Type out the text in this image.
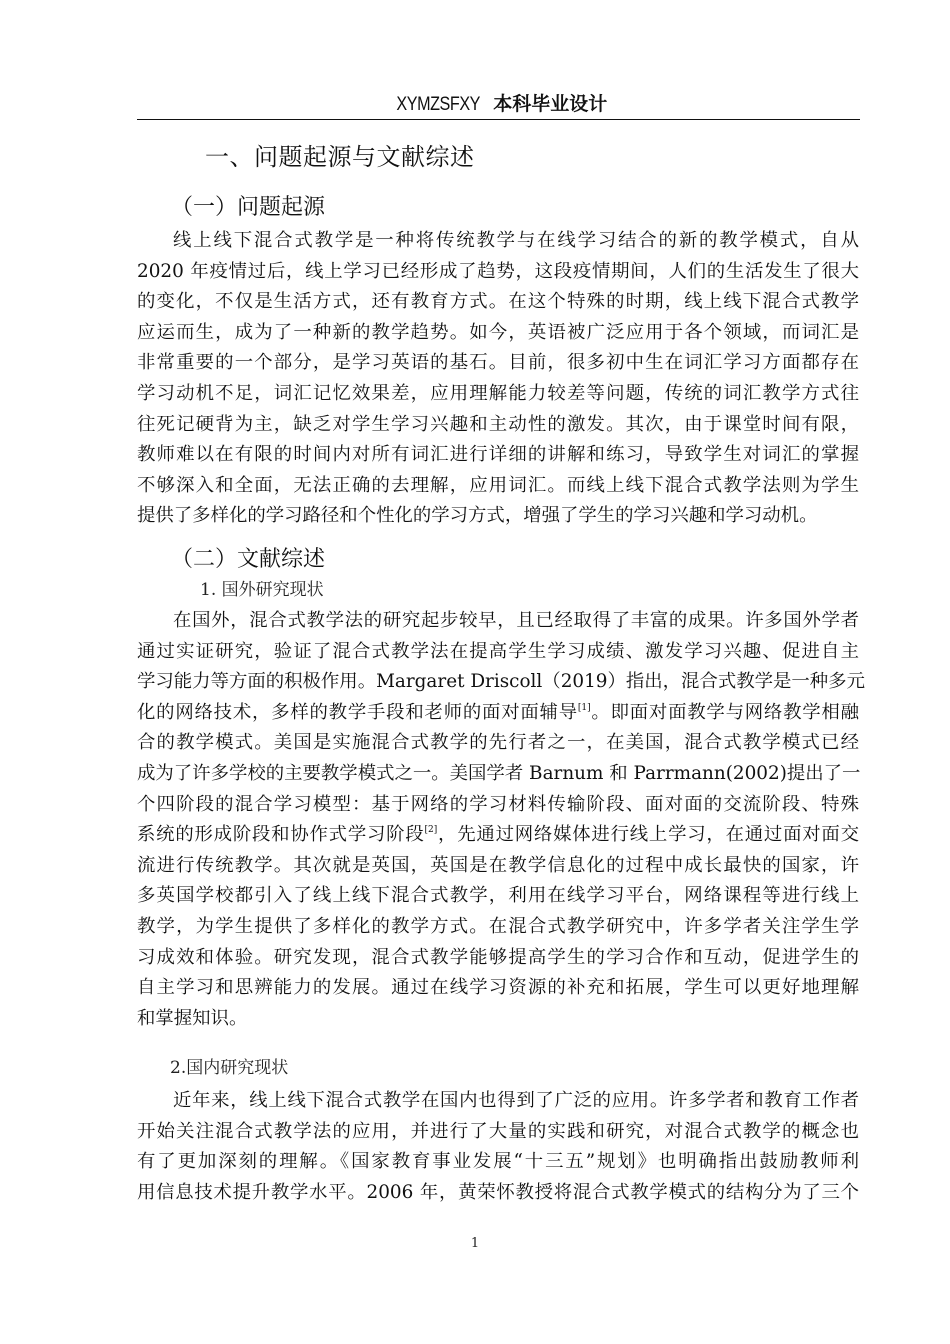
XYMZSFXY 本科毕业设计
一、问题起源与文献综述
（一）问题起源
线上线下混合式教学是一种将传统教学与在线学习结合的新的教学模式，自从
2020 年疫情过后，线上学习已经形成了趋势，这段疫情期间，人们的生活发生了很大
的变化，不仅是生活方式，还有教育方式。在这个特殊的时期，线上线下混合式教学
应运而生，成为了一种新的教学趋势。如今，英语被广泛应用于各个领域，而词汇是
非常重要的一个部分，是学习英语的基石。目前，很多初中生在词汇学习方面都存在
学习动机不足，词汇记忆效果差，应用理解能力较差等问题，传统的词汇教学方式往
往死记硬背为主，缺乏对学生学习兴趣和主动性的激发。其次，由于课堂时间有限，
教师难以在有限的时间内对所有词汇进行详细的讲解和练习，导致学生对词汇的掌握
不够深入和全面，无法正确的去理解，应用词汇。而线上线下混合式教学法则为学生
提供了多样化的学习路径和个性化的学习方式，增强了学生的学习兴趣和学习动机。
（二）文献综述
1. 国外研究现状
在国外，混合式教学法的研究起步较早，且已经取得了丰富的成果。许多国外学者
通过实证研究，验证了混合式教学法在提高学生学习成绩、激发学习兴趣、促进自主
学习能力等方面的积极作用。Margaret Driscoll（2019）指出，混合式教学是一种多元
化的网络技术，多样的教学手段和老师的面对面辅导[1]。即面对面教学与网络教学相融
合的教学模式。美国是实施混合式教学的先行者之一，在美国，混合式教学模式已经
成为了许多学校的主要教学模式之一。美国学者 Barnum 和 Parrmann(2002)提出了一
个四阶段的混合学习模型：基于网络的学习材料传输阶段、面对面的交流阶段、特殊
系统的形成阶段和协作式学习阶段[2]，先通过网络媒体进行线上学习，在通过面对面交
流进行传统教学。其次就是英国，英国是在教学信息化的过程中成长最快的国家，许
多英国学校都引入了线上线下混合式教学，利用在线学习平台，网络课程等进行线上
教学，为学生提供了多样化的教学方式。在混合式教学研究中，许多学者关注学生学
习成效和体验。研究发现，混合式教学能够提高学生的学习合作和互动，促进学生的
自主学习和思辨能力的发展。通过在线学习资源的补充和拓展，学生可以更好地理解
和掌握知识。
2.国内研究现状
近年来，线上线下混合式教学在国内也得到了广泛的应用。许多学者和教育工作者
开始关注混合式教学法的应用，并进行了大量的实践和研究，对混合式教学的概念也
有了更加深刻的理解。《国家教育事业发展“十三五”规划》也明确指出鼓励教师利
用信息技术提升教学水平。2006 年，黄荣怀教授将混合式教学模式的结构分为了三个
1
